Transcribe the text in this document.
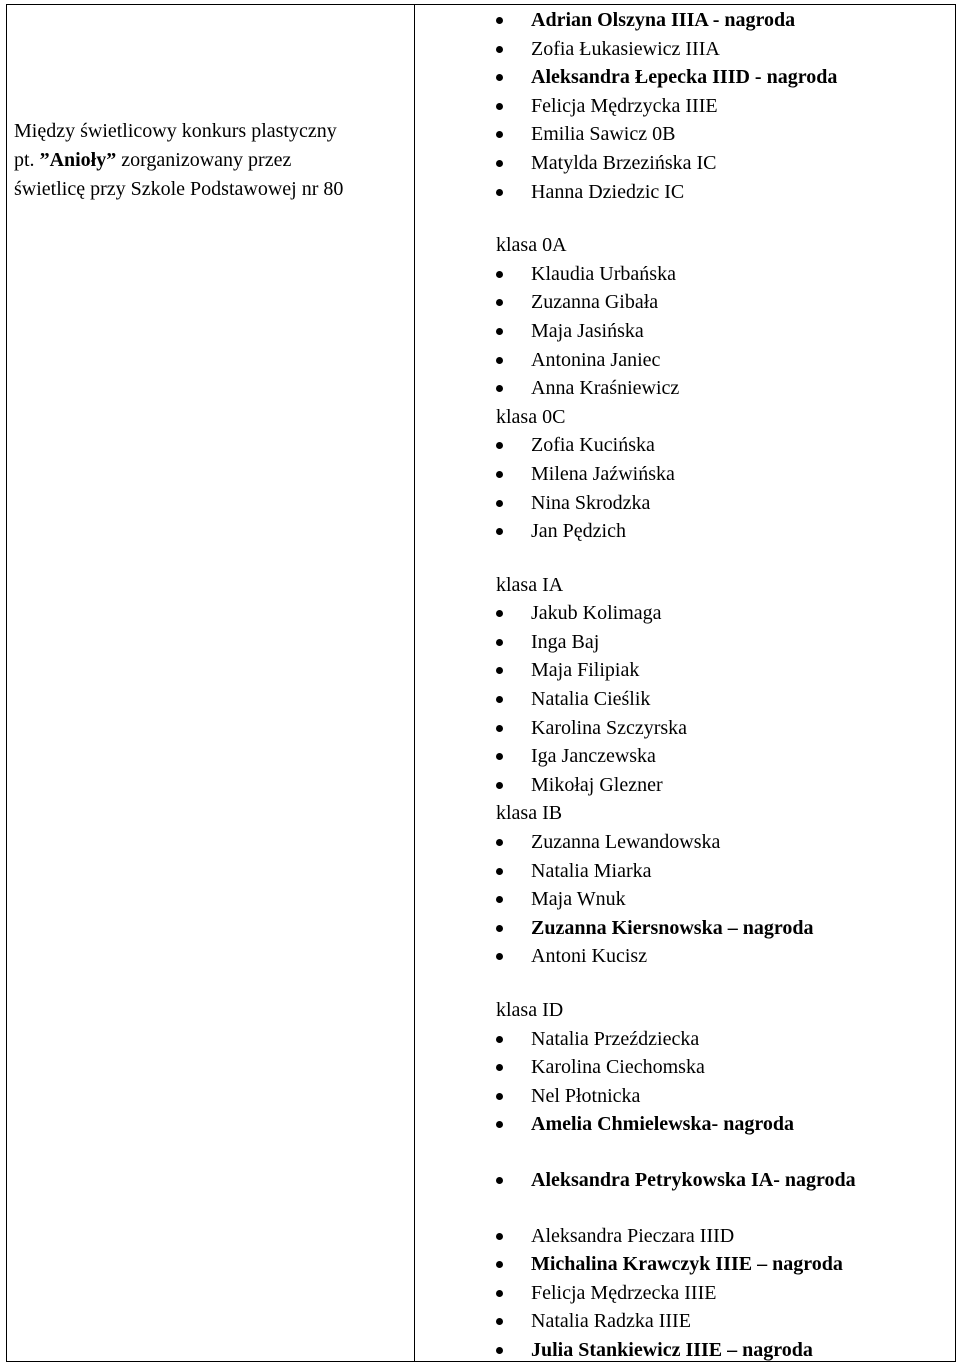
Między świetlicowy konkurs plastyczny
pt. ”Anioły” zorganizowany przez
świetlicę przy Szkole Podstawowej nr 80
Adrian Olszyna IIIA - nagroda
Zofia Łukasiewicz IIIA
Aleksandra Łepecka IIID - nagroda
Felicja Mędrzycka IIIE
Emilia Sawicz 0B
Matylda Brzezińska IC
Hanna Dziedzic IC
klasa 0A
Klaudia Urbańska
Zuzanna Gibała
Maja Jasińska
Antonina Janiec
Anna Kraśniewicz
klasa 0C
Zofia Kucińska
Milena Jaźwińska
Nina Skrodzka
Jan Pędzich
klasa IA
Jakub Kolimaga
Inga Baj
Maja Filipiak
Natalia Cieślik
Karolina Szczyrska
Iga Janczewska
Mikołaj Glezner
klasa IB
Zuzanna Lewandowska
Natalia Miarka
Maja Wnuk
Zuzanna Kiersnowska – nagroda
Antoni Kucisz
klasa ID
Natalia Przeździecka
Karolina Ciechomska
Nel Płotnicka
Amelia Chmielewska- nagroda
Aleksandra Petrykowska IA- nagroda
Aleksandra Pieczara IIID
Michalina Krawczyk IIIE – nagroda
Felicja Mędrzecka IIIE
Natalia Radzka IIIE
Julia Stankiewicz IIIE – nagroda
